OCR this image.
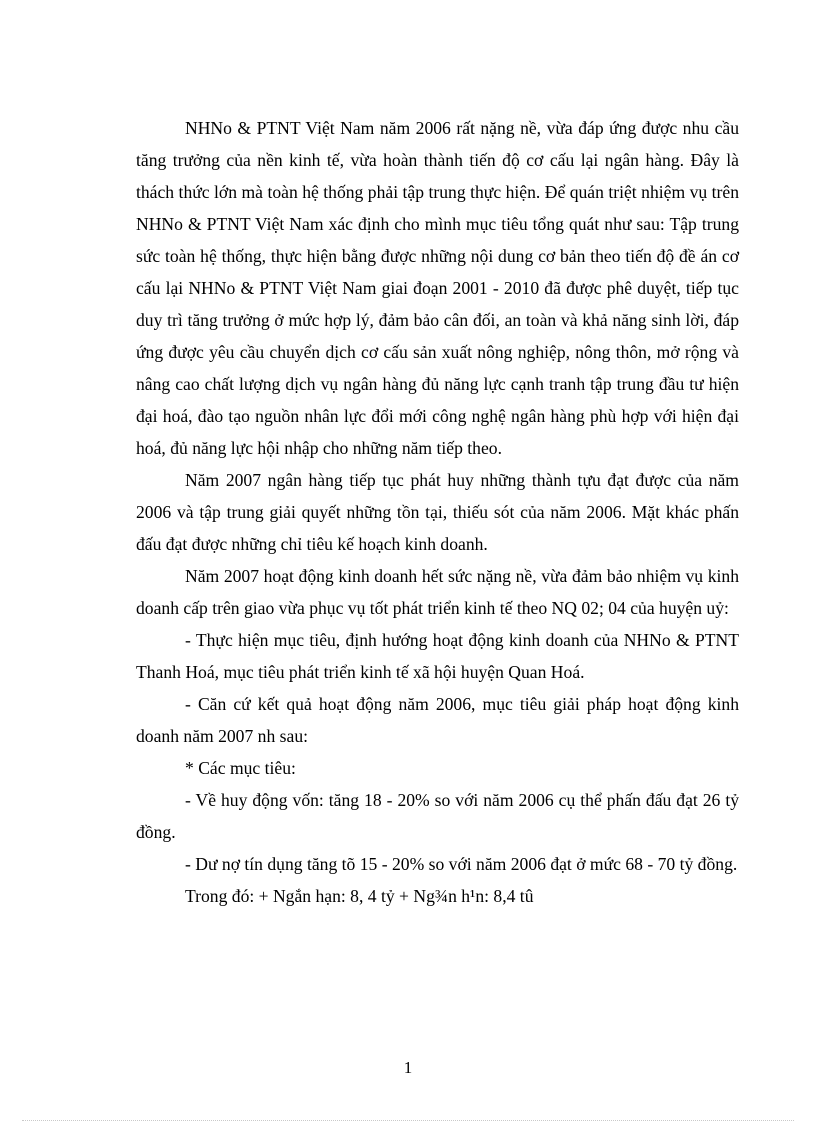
NHNo & PTNT Việt Nam năm 2006 rất nặng nề, vừa đáp ứng được nhu cầu tăng trưởng của nền kinh tế, vừa hoàn thành tiến độ cơ cấu lại ngân hàng. Đây là thách thức lớn mà toàn hệ thống phải tập trung thực hiện. Để quán triệt nhiệm vụ trên NHNo & PTNT Việt Nam xác định cho mình mục tiêu tổng quát như sau: Tập trung sức toàn hệ thống, thực hiện bằng được những nội dung cơ bản theo tiến độ đề án cơ cấu lại NHNo & PTNT Việt Nam giai đoạn 2001 - 2010 đã được phê duyệt, tiếp tục duy trì tăng trưởng ở mức hợp lý, đảm bảo cân đối, an toàn và khả năng sinh lời, đáp ứng được yêu cầu chuyển dịch cơ cấu sản xuất nông nghiệp, nông thôn, mở rộng và nâng cao chất lượng dịch vụ ngân hàng đủ năng lực cạnh tranh tập trung đầu tư hiện đại hoá, đào tạo nguồn nhân lực đổi mới công nghệ ngân hàng phù hợp với hiện đại hoá, đủ năng lực hội nhập cho những năm tiếp theo.

Năm 2007 ngân hàng tiếp tục phát huy những thành tựu đạt được của năm 2006 và tập trung giải quyết những tồn tại, thiếu sót của năm 2006. Mặt khác phấn đấu đạt được những chỉ tiêu kế hoạch kinh doanh.

Năm 2007 hoạt động kinh doanh hết sức nặng nề, vừa đảm bảo nhiệm vụ kinh doanh cấp trên giao vừa phục vụ tốt phát triển kinh tế theo NQ 02; 04 của huyện uỷ:

- Thực hiện mục tiêu, định hướng hoạt động kinh doanh của NHNo & PTNT Thanh Hoá, mục tiêu phát triển kinh tế xã hội huyện Quan Hoá.

- Căn cứ kết quả hoạt động năm 2006, mục tiêu giải pháp hoạt động kinh doanh năm 2007 nh sau:

* Các mục tiêu:

- Về huy động vốn: tăng 18 - 20% so với năm 2006 cụ thể phấn đấu đạt 26 tỷ đồng.

- Dư nợ tín dụng tăng tõ 15 - 20% so với năm 2006 đạt ở mức 68 - 70 tỷ đồng.

Trong đó: + Ngắn hạn: 8, 4 tỷ + Ng¾n h¹n: 8,4 tû

1
